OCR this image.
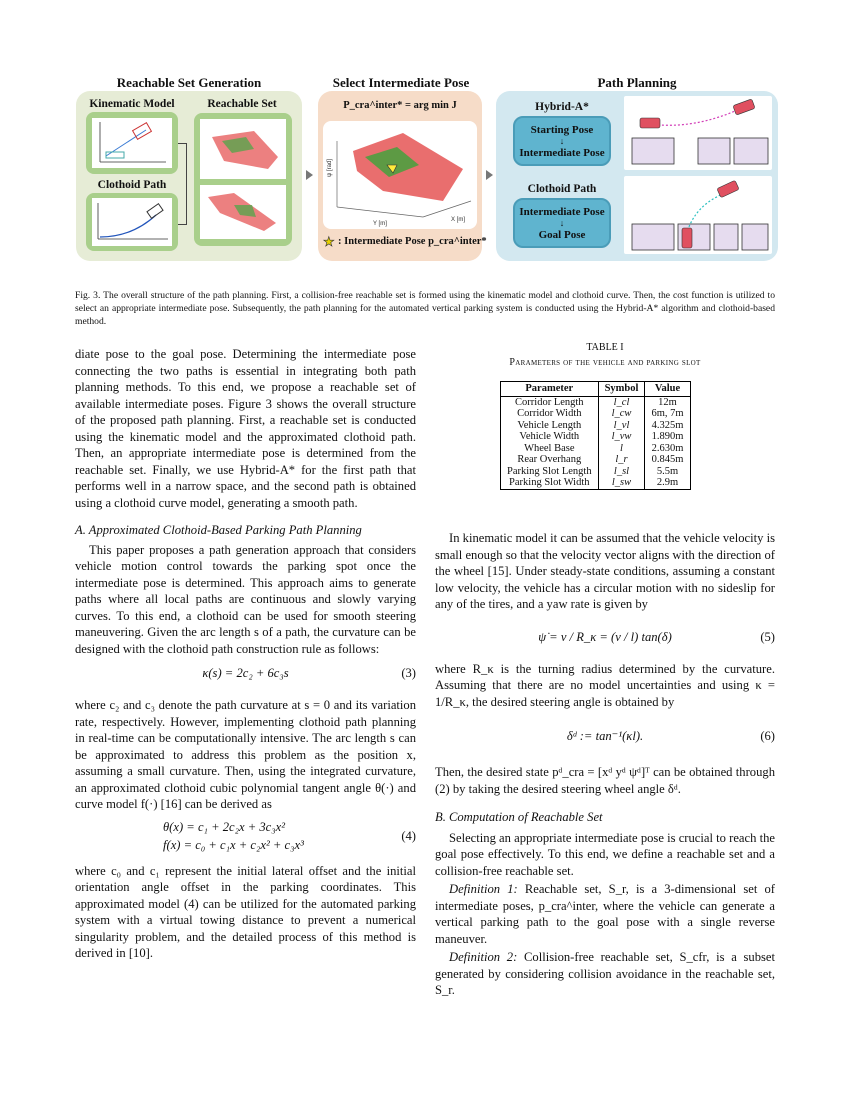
Reachable Set Generation	Select Intermediate Pose	Path Planning
Kinematic Model
Clothoid Path
Reachable Set	P_cra^inter* = arg min J
ψ [rad]
Y [m]
X [m]
★ : Intermediate Pose p_cra^inter*
Hybrid-A*
Starting Pose
↓
Intermediate Pose
Clothoid Path
Intermediate Pose
↓
Goal Pose
Fig. 3. The overall structure of the path planning. First, a collision-free reachable set is formed using the kinematic model and clothoid curve. Then, the cost function is utilized to select an appropriate intermediate pose. Subsequently, the path planning for the automated vertical parking system is conducted using the Hybrid-A* algorithm and clothoid-based method.

diate pose to the goal pose. Determining the intermediate pose connecting the two paths is essential in integrating both path planning methods. To this end, we propose a reachable set of available intermediate poses. Figure 3 shows the overall structure of the proposed path planning. First, a reachable set is conducted using the kinematic model and the approximated clothoid path. Then, an appropriate intermediate pose is determined from the reachable set. Finally, we use Hybrid-A* for the first path that performs well in a narrow space, and the second path is obtained using a clothoid curve model, generating a smooth path.

A. Approximated Clothoid-Based Parking Path Planning

This paper proposes a path generation approach that considers vehicle motion control towards the parking spot once the intermediate pose is determined. This approach aims to generate paths where all local paths are continuous and slowly varying curves. To this end, a clothoid can be used for smooth steering maneuvering. Given the arc length s of a path, the curvature can be designed with the clothoid path construction rule as follows:

κ(s) = 2c₂ + 6c₃s	(3)

where c₂ and c₃ denote the path curvature at s = 0 and its variation rate, respectively. However, implementing clothoid path planning in real-time can be computationally intensive. The arc length s can be approximated to address this problem as the position x, assuming a small curvature. Then, using the integrated curvature, an approximated clothoid cubic polynomial tangent angle θ(·) and curve model f(·) [16] can be derived as

θ(x) = c₁ + 2c₂x + 3c₃x²
f(x) = c₀ + c₁x + c₂x² + c₃x³
(4)

where c₀ and c₁ represent the initial lateral offset and the initial orientation angle offset in the parking coordinates. This approximated model (4) can be utilized for the automated parking system with a virtual towing distance to prevent a numerical singularity problem, and the detailed process of this method is derived in [10].

TABLE I
Parameters of the vehicle and parking slot
Parameter	Symbol	Value
Corridor Length	l_cl	12m
Corridor Width	l_cw	6m, 7m
Vehicle Length	l_vl	4.325m
Vehicle Width	l_vw	1.890m
Wheel Base	l	2.630m
Rear Overhang	l_r	0.845m
Parking Slot Length	l_sl	5.5m
Parking Slot Width	l_sw	2.9m

In kinematic model it can be assumed that the vehicle velocity is small enough so that the velocity vector aligns with the direction of the wheel [15]. Under steady-state conditions, assuming a constant low velocity, the vehicle has a circular motion with no sideslip for any of the tires, and a yaw rate is given by

ψ̇ = v / R_κ = (v / l) tan(δ)	(5)

where R_κ is the turning radius determined by the curvature. Assuming that there are no model uncertainties and using κ = 1/R_κ, the desired steering angle is obtained by

δᵈ := tan⁻¹(κl).	(6)

Then, the desired state pᵈ_cra = [xᵈ yᵈ ψᵈ]ᵀ can be obtained through (2) by taking the desired steering wheel angle δᵈ.

B. Computation of Reachable Set

Selecting an appropriate intermediate pose is crucial to reach the goal pose effectively. To this end, we define a reachable set and a collision-free reachable set.

Definition 1: Reachable set, S_r, is a 3-dimensional set of intermediate poses, p_cra^inter, where the vehicle can generate a vertical parking path to the goal pose with a single reverse maneuver.

Definition 2: Collision-free reachable set, S_cfr, is a subset generated by considering collision avoidance in the reachable set, S_r.
